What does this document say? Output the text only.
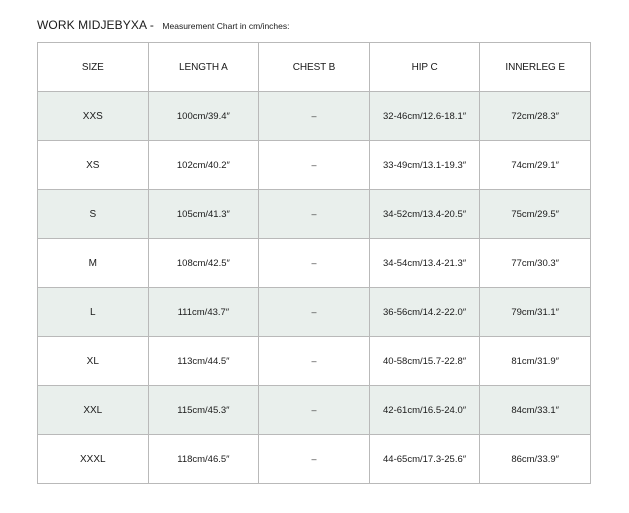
WORK MIDJEBYXA - Measurement Chart in cm/inches:
SIZE	LENGTH A	CHEST B	HIP C	INNERLEG E
XXS	100cm/39.4″	–	32-46cm/12.6-18.1″	72cm/28.3″
XS	102cm/40.2″	–	33-49cm/13.1-19.3″	74cm/29.1″
S	105cm/41.3″	–	34-52cm/13.4-20.5″	75cm/29.5″
M	108cm/42.5″	–	34-54cm/13.4-21.3″	77cm/30.3″
L	111cm/43.7″	–	36-56cm/14.2-22.0″	79cm/31.1″
XL	113cm/44.5″	–	40-58cm/15.7-22.8″	81cm/31.9″
XXL	115cm/45.3″	–	42-61cm/16.5-24.0″	84cm/33.1″
XXXL	118cm/46.5″	–	44-65cm/17.3-25.6″	86cm/33.9″
